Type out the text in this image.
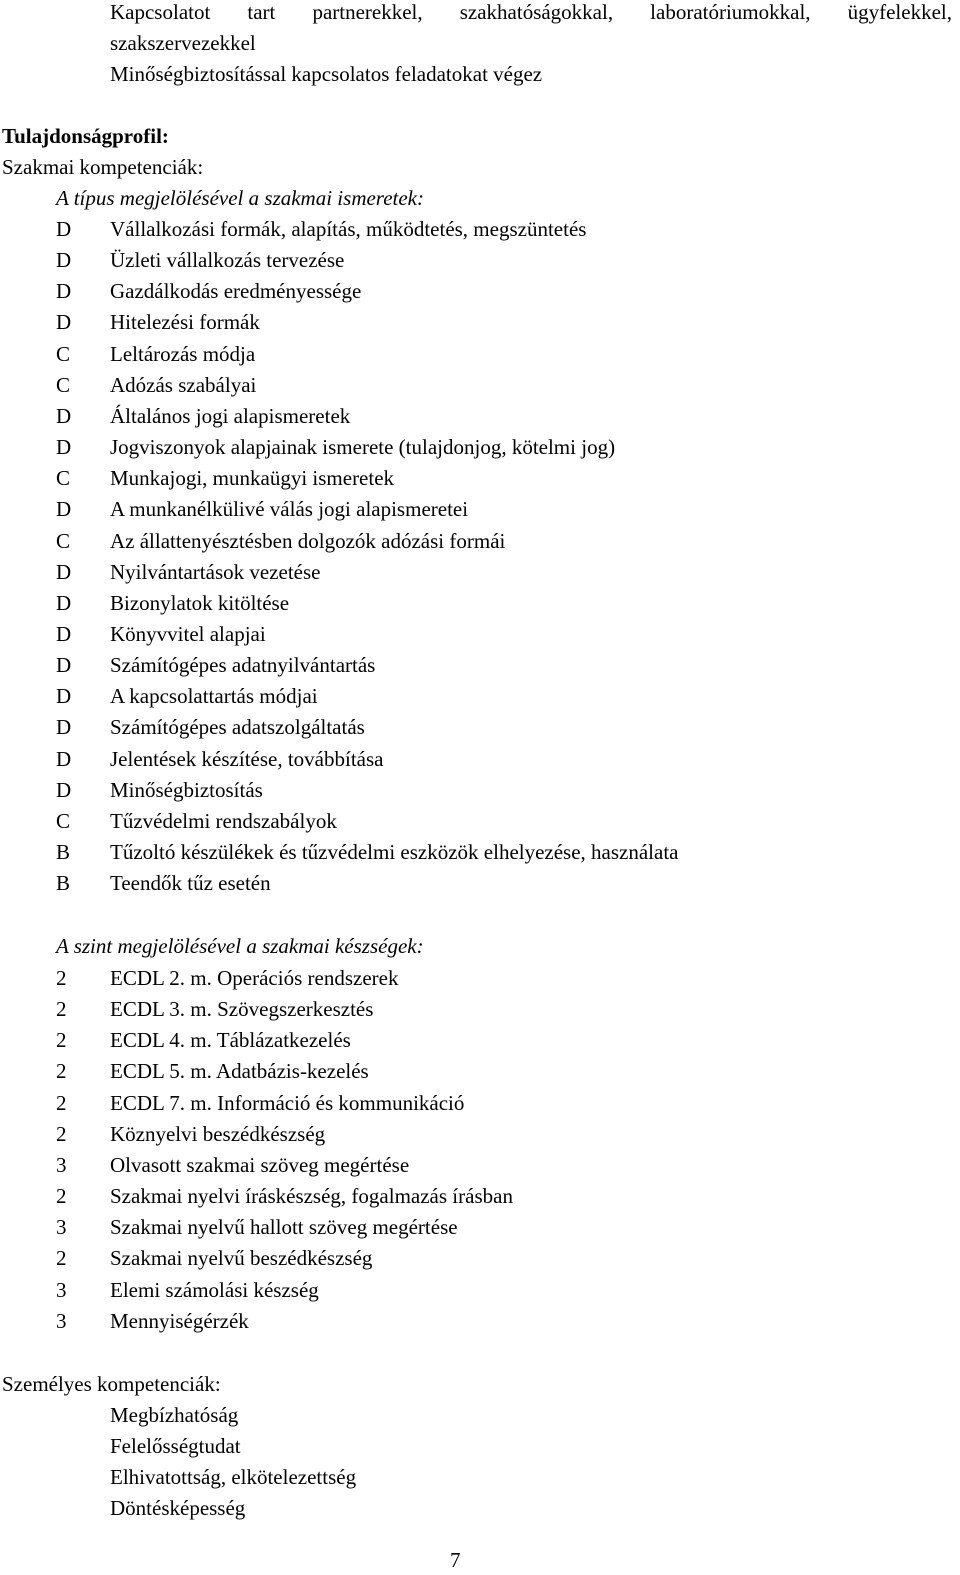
Kapcsolatot tart partnerekkel, szakhatóságokkal, laboratóriumokkal, ügyfelekkel,
szakszervezekkel
Minőségbiztosítással kapcsolatos feladatokat végez
Tulajdonságprofil:
Szakmai kompetenciák:
A típus megjelölésével a szakmai ismeretek:
D	Vállalkozási formák, alapítás, működtetés, megszüntetés
D	Üzleti vállalkozás tervezése
D	Gazdálkodás eredményessége
D	Hitelezési formák
C	Leltározás módja
C	Adózás szabályai
D	Általános jogi alapismeretek
D	Jogviszonyok alapjainak ismerete (tulajdonjog, kötelmi jog)
C	Munkajogi, munkaügyi ismeretek
D	A munkanélkülivé válás jogi alapismeretei
C	Az állattenyésztésben dolgozók adózási formái
D	Nyilvántartások vezetése
D	Bizonylatok kitöltése
D	Könyvvitel alapjai
D	Számítógépes adatnyilvántartás
D	A kapcsolattartás módjai
D	Számítógépes adatszolgáltatás
D	Jelentések készítése, továbbítása
D	Minőségbiztosítás
C	Tűzvédelmi rendszabályok
B	Tűzoltó készülékek és tűzvédelmi eszközök elhelyezése, használata
B	Teendők tűz esetén
A szint megjelölésével a szakmai készségek:
2	ECDL 2. m. Operációs rendszerek
2	ECDL 3. m. Szövegszerkesztés
2	ECDL 4. m. Táblázatkezelés
2	ECDL 5. m. Adatbázis-kezelés
2	ECDL 7. m. Információ és kommunikáció
2	Köznyelvi beszédkészség
3	Olvasott szakmai szöveg megértése
2	Szakmai nyelvi íráskészség, fogalmazás írásban
3	Szakmai nyelvű hallott szöveg megértése
2	Szakmai nyelvű beszédkészség
3	Elemi számolási készség
3	Mennyiségérzék
Személyes kompetenciák:
Megbízhatóság
Felelősségtudat
Elhivatottság, elkötelezettség
Döntésképesség
7
